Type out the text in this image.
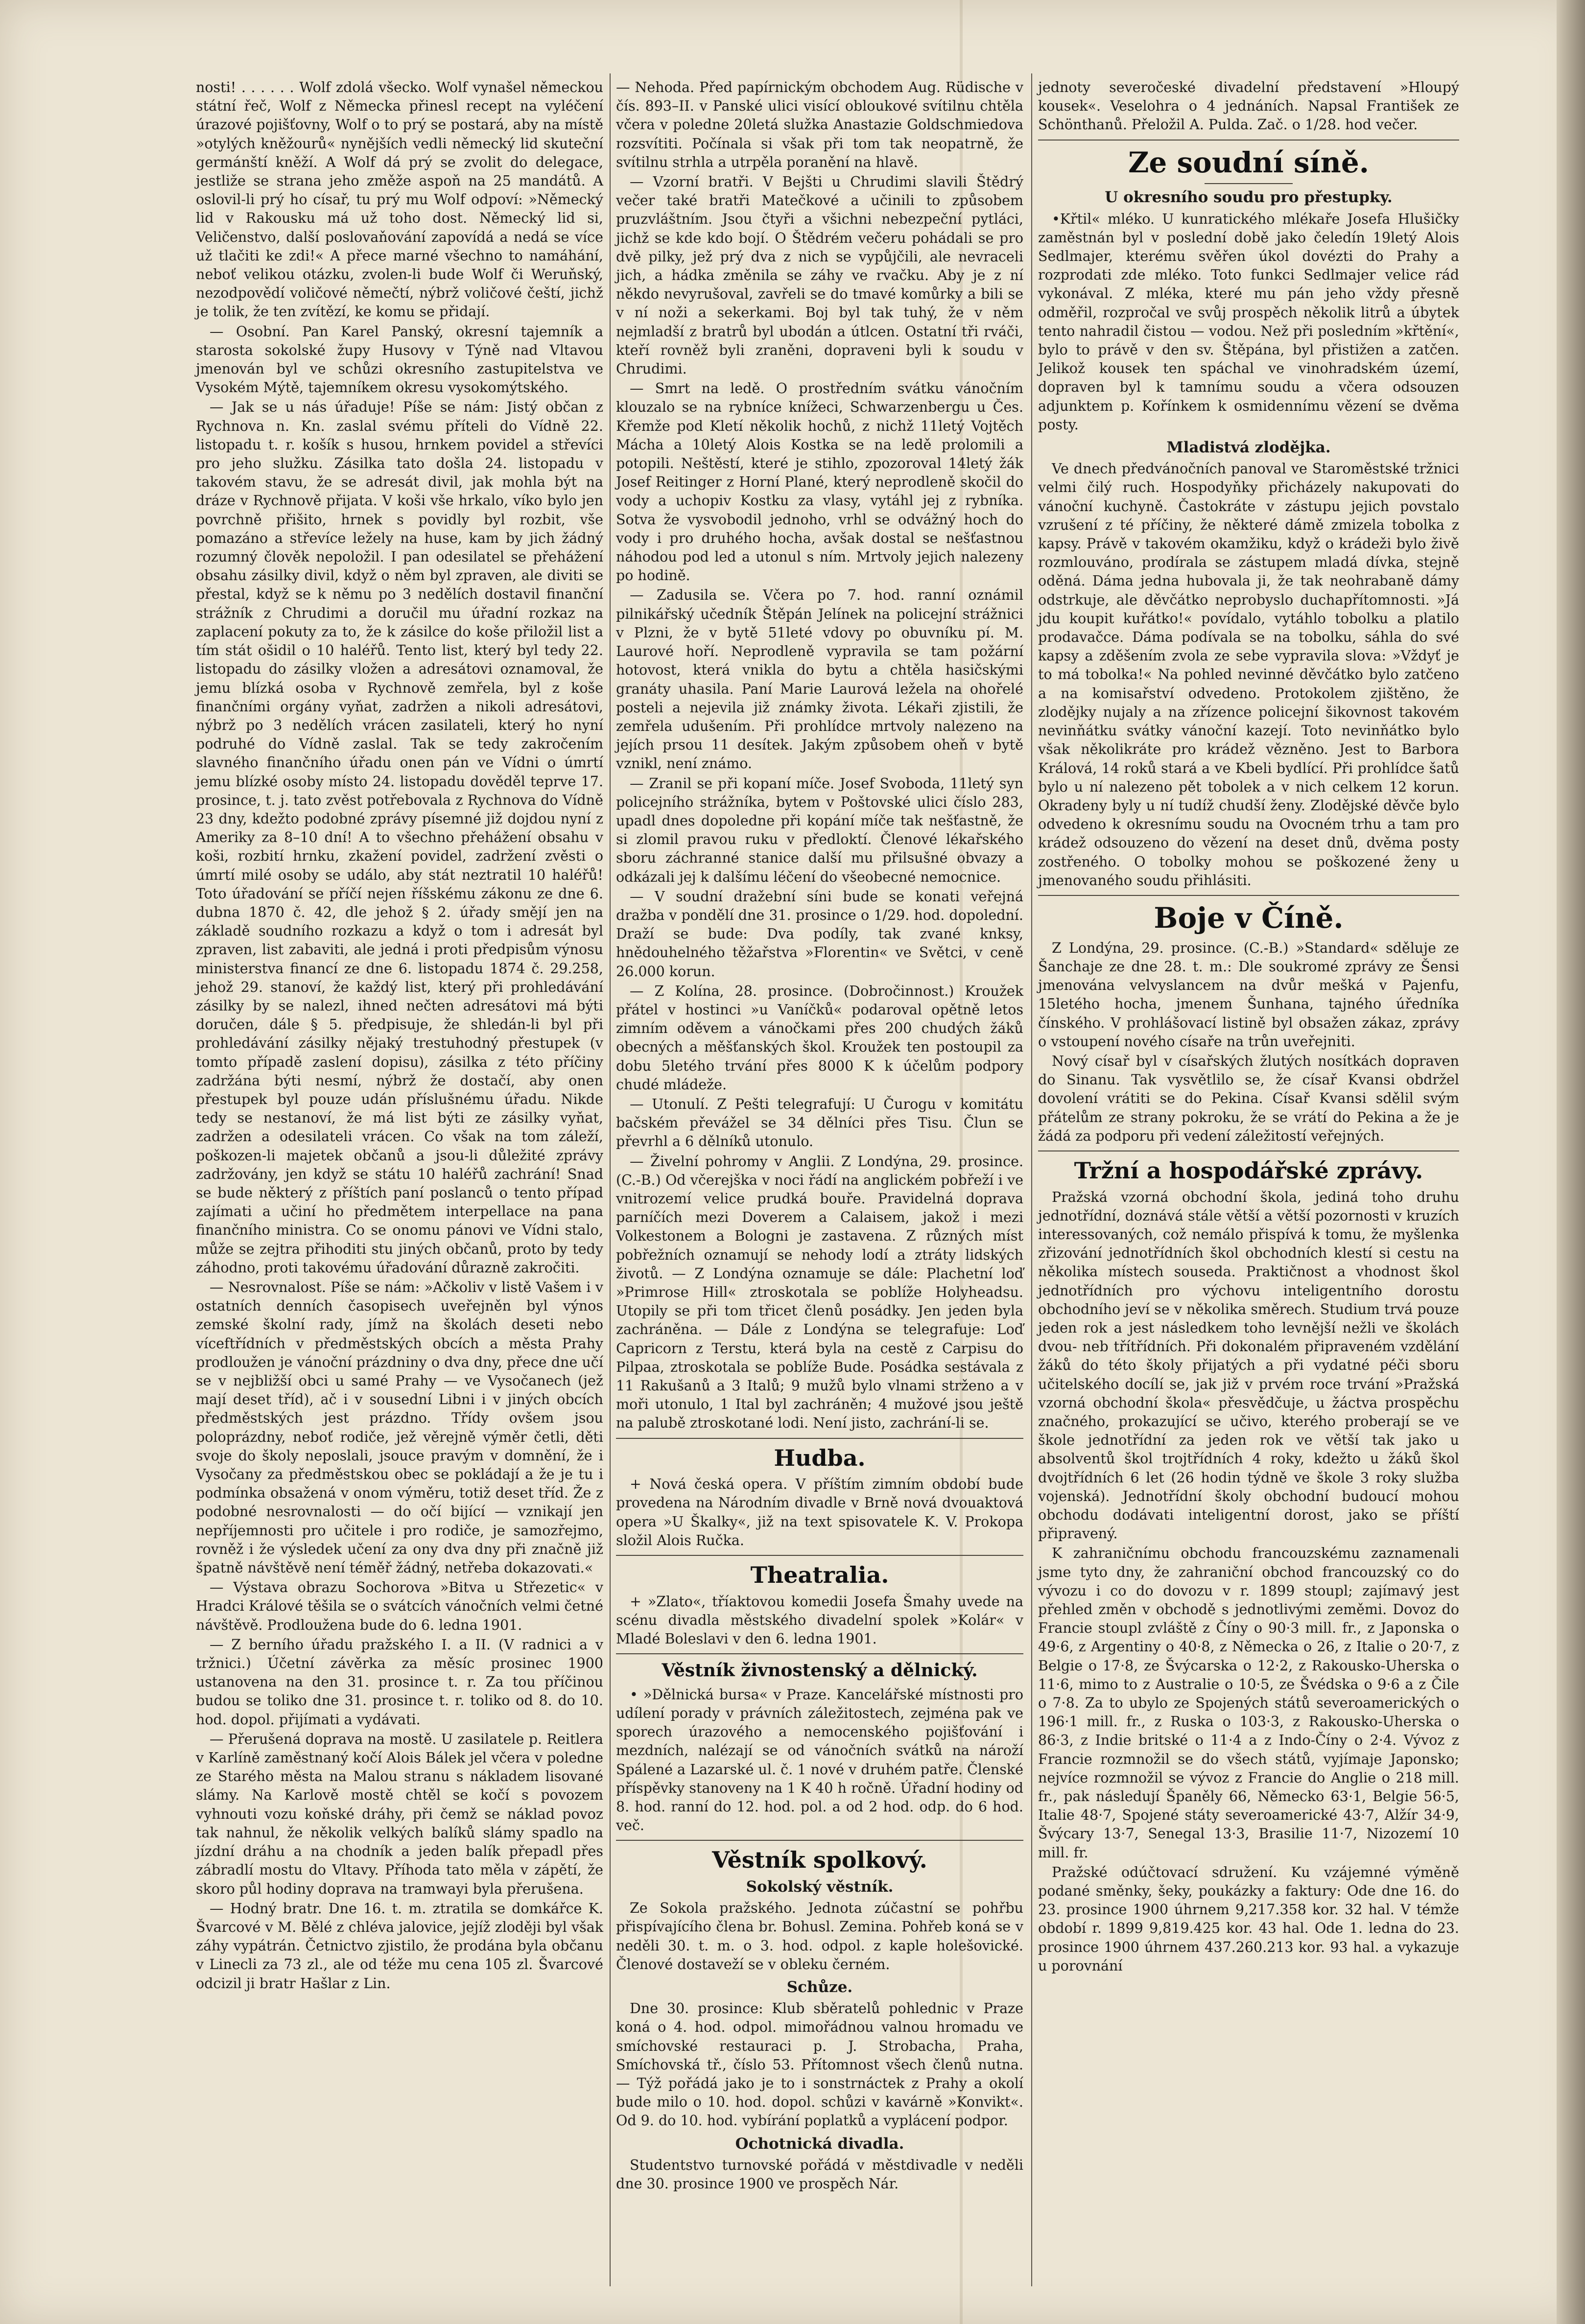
nosti! . . . . . . Wolf zdolá všecko. Wolf vynašel německou státní řeč, Wolf z Německa přinesl recept na vyléčení úrazové pojišťovny, Wolf o to prý se postará, aby na místě »otylých kněžourů« nynějších vedli německý lid skuteční germánští kněží. A Wolf dá prý se zvolit do delegace, jestliže se strana jeho změže aspoň na 25 mandátů. A oslovil-li prý ho císař, tu prý mu Wolf odpoví: »Německý lid v Rakousku má už toho dost. Německý lid si, Veličenstvo, další poslovaňování zapovídá a nedá se více už tlačiti ke zdi!« A přece marné všechno to namáhání, neboť velikou otázku, zvolen-li bude Wolf či Weruňský, nezodpovědí voličové němečtí, nýbrž voličové čeští, jichž je tolik, že ten zvítězí, ke komu se přidají.

— Osobní. Pan Karel Panský, okresní tajemník a starosta sokolské župy Husovy v Týně nad Vltavou jmenován byl ve schůzi okresního zastupitelstva ve Vysokém Mýtě, tajemníkem okresu vysokomýtského.

— Jak se u nás úřaduje! Píše se nám: Jistý občan z Rychnova n. Kn. zaslal svému příteli do Vídně 22. listopadu t. r. košík s husou, hrnkem povidel a střevíci pro jeho služku. Zásilka tato došla 24. listopadu v takovém stavu, že se adresát divil, jak mohla být na dráze v Rychnově přijata. V koši vše hrkalo, víko bylo jen povrchně přišito, hrnek s povidly byl rozbit, vše pomazáno a střevíce ležely na huse, kam by jich žádný rozumný člověk nepoložil. I pan odesilatel se přehážení obsahu zásilky divil, když o něm byl zpraven, ale diviti se přestal, když se k němu po 3 nedělích dostavil finanční strážník z Chrudimi a doručil mu úřadní rozkaz na zaplacení pokuty za to, že k zásilce do koše přiložil list a tím stát ošidil o 10 haléřů. Tento list, který byl tedy 22. listopadu do zásilky vložen a adresátovi oznamoval, že jemu blízká osoba v Rychnově zemřela, byl z koše finančními orgány vyňat, zadržen a nikoli adresátovi, nýbrž po 3 nedělích vrácen zasilateli, který ho nyní podruhé do Vídně zaslal. Tak se tedy zakročením slavného finančního úřadu onen pán ve Vídni o úmrtí jemu blízké osoby místo 24. listopadu dověděl teprve 17. prosince, t. j. tato zvěst potřebovala z Rychnova do Vídně 23 dny, kdežto podobné zprávy písemné již dojdou nyní z Ameriky za 8–10 dní! A to všechno přehážení obsahu v koši, rozbití hrnku, zkažení povidel, zadržení zvěsti o úmrtí milé osoby se událo, aby stát neztratil 10 haléřů! Toto úřadování se příčí nejen říšskému zákonu ze dne 6. dubna 1870 č. 42, dle jehož § 2. úřady smějí jen na základě soudního rozkazu a když o tom i adresát byl zpraven, list zabaviti, ale jedná i proti předpisům výnosu ministerstva financí ze dne 6. listopadu 1874 č. 29.258, jehož 29. stanoví, že každý list, který při prohledávání zásilky by se nalezl, ihned nečten adresátovi má býti doručen, dále § 5. předpisuje, že shledán-li byl při prohledávání zásilky nějaký trestuhodný přestupek (v tomto případě zaslení dopisu), zásilka z této příčiny zadržána býti nesmí, nýbrž že dostačí, aby onen přestupek byl pouze udán příslušnému úřadu. Nikde tedy se nestanoví, že má list býti ze zásilky vyňat, zadržen a odesilateli vrácen. Co však na tom záleží, poškozen-li majetek občanů a jsou-li důležité zprávy zadržovány, jen když se státu 10 haléřů zachrání! Snad se bude některý z příštích paní poslanců o tento případ zajímati a učiní ho předmětem interpellace na pana finančního ministra. Co se onomu pánovi ve Vídni stalo, může se zejtra přihoditi stu jiných občanů, proto by tedy záhodno, proti takovému úřadování důrazně zakročiti.

— Nesrovnalost. Píše se nám: »Ačkoliv v listě Vašem i v ostatních denních časopisech uveřejněn byl výnos zemské školní rady, jímž na školách deseti nebo víceftřídních v předměstských obcích a města Prahy prodloužen je vánoční prázdniny o dva dny, přece dne učí se v nejbližší obci u samé Prahy — ve Vysočanech (jež mají deset tříd), ač i v sousední Libni i v jiných obcích předměstských jest prázdno. Třídy ovšem jsou poloprázdny, neboť rodiče, jež věrejně výměr četli, děti svoje do školy neposlali, jsouce pravým v domnění, že i Vysočany za předměstskou obec se pokládají a že je tu i podmínka obsažená v onom výměru, totiž deset tříd. Že z podobné nesrovnalosti — do očí bijící — vznikají jen nepříjemnosti pro učitele i pro rodiče, je samozřejmo, rovněž i že výsledek učení za ony dva dny při značně již špatně návštěvě není téměř žádný, netřeba dokazovati.«

— Výstava obrazu Sochorova »Bitva u Střezetic« v Hradci Králové těšila se o svátcích vánočních velmi četné návštěvě. Prodloužena bude do 6. ledna 1901.

— Z berního úřadu pražského I. a II. (V radnici a v tržnici.) Účetní závěrka za měsíc prosinec 1900 ustanovena na den 31. prosince t. r. Za tou příčinou budou se toliko dne 31. prosince t. r. toliko od 8. do 10. hod. dopol. přijímati a vydávati.

— Přerušená doprava na mostě. U zasilatele p. Reitlera v Karlíně zaměstnaný kočí Alois Bálek jel včera v poledne ze Starého města na Malou stranu s nákladem lisované slámy. Na Karlově mostě chtěl se kočí s povozem vyhnouti vozu koňské dráhy, při čemž se náklad povoz tak nahnul, že několik velkých balíků slámy spadlo na jízdní dráhu a na chodník a jeden balík přepadl přes zábradlí mostu do Vltavy. Příhoda tato měla v zápětí, že skoro půl hodiny doprava na tramwayi byla přerušena.

— Hodný bratr. Dne 16. t. m. ztratila se domkářce K. Švarcové v M. Bělé z chléva jalovice, jejíž zloději byl však záhy vypátrán. Četnictvo zjistilo, že prodána byla občanu v Linecli za 73 zl., ale od téže mu cena 105 zl. Švarcové odcizil ji bratr Hašlar z Lin.

— Nehoda. Před papírnickým obchodem Aug. Rüdische v čís. 893–II. v Panské ulici visící obloukové svítilnu chtěla včera v poledne 20letá služka Anastazie Goldschmiedova rozsvítiti. Počínala si však při tom tak neopatrně, že svítilnu strhla a utrpěla poranění na hlavě.

— Vzorní bratři. V Bejšti u Chrudimi slavili Štědrý večer také bratři Matečkové a učinili to způsobem pruzvláštním. Jsou čtyři a všichni nebezpeční pytláci, jichž se kde kdo bojí. O Štědrém večeru pohádali se pro dvě pilky, jež prý dva z nich se vypůjčili, ale nevraceli jich, a hádka změnila se záhy ve rvačku. Aby je z ní někdo nevyrušoval, zavřeli se do tmavé komůrky a bili se v ní noži a sekerkami. Boj byl tak tuhý, že v něm nejmladší z bratrů byl ubodán a útlcen. Ostatní tři rváči, kteří rovněž byli zraněni, dopraveni byli k soudu v Chrudimi.

— Smrt na ledě. O prostředním svátku vánočním klouzalo se na rybníce knížeci, Schwarzenbergu u Čes. Křemže pod Kletí několik hochů, z nichž 11letý Vojtěch Mácha a 10letý Alois Kostka se na ledě prolomili a potopili. Neštěstí, které je stihlo, zpozoroval 14letý žák Josef Reitinger z Horní Plané, který neprodleně skočil do vody a uchopiv Kostku za vlasy, vytáhl jej z rybníka. Sotva že vysvobodil jednoho, vrhl se odvážný hoch do vody i pro druhého hocha, avšak dostal se nešťastnou náhodou pod led a utonul s ním. Mrtvoly jejich nalezeny po hodině.

— Zadusila se. Včera po 7. hod. ranní oznámil pilnikářský učedník Štěpán Jelínek na policejní strážnici v Plzni, že v bytě 51leté vdovy po obuvníku pí. M. Laurové hoří. Neprodleně vypravila se tam požární hotovost, která vnikla do bytu a chtěla hasičskými granáty uhasila. Paní Marie Laurová ležela na ohořelé posteli a nejevila již známky života. Lékaři zjistili, že zemřela udušením. Při prohlídce mrtvoly nalezeno na jejích prsou 11 desítek. Jakým způsobem oheň v bytě vznikl, není známo.

— Zranil se při kopaní míče. Josef Svoboda, 11letý syn policejního strážníka, bytem v Poštovské ulici číslo 283, upadl dnes dopoledne při kopání míče tak nešťastně, že si zlomil pravou ruku v předloktí. Členové lékařského sboru záchranné stanice další mu přilsušné obvazy a odkázali jej k dalšímu léčení do všeobecné nemocnice.

— V soudní dražební síni bude se konati veřejná dražba v pondělí dne 31. prosince o 1/29. hod. dopolední. Draží se bude: Dva podíly, tak zvané knksy, hnědouhelného těžařstva »Florentin« ve Světci, v ceně 26.000 korun.

— Z Kolína, 28. prosince. (Dobročinnost.) Kroužek přátel v hostinci »u Vaníčků« podaroval opětně letos zimním oděvem a vánočkami přes 200 chudých žáků obecných a měšťanských škol. Kroužek ten postoupil za dobu 5letého trvání přes 8000 K k účelům podpory chudé mládeže.

— Utonulí. Z Pešti telegrafují: U Čurogu v komitátu bačském převážel se 34 dělníci přes Tisu. Člun se převrhl a 6 dělníků utonulo.

— Živelní pohromy v Anglii. Z Londýna, 29. prosince. (C.-B.) Od včerejška v noci řádí na anglickém pobřeží i ve vnitrozemí velice prudká bouře. Pravidelná doprava parníčích mezi Doverem a Calaisem, jakož i mezi Volkestonem a Bologni je zastavena. Z různých míst pobřežních oznamují se nehody lodí a ztráty lidských životů. — Z Londýna oznamuje se dále: Plachetní loď »Primrose Hill« ztroskotala se poblíže Holyheadsu. Utopily se při tom třicet členů posádky. Jen jeden byla zachráněna. — Dále z Londýna se telegrafuje: Loď Capricorn z Terstu, která byla na cestě z Carpisu do Pilpaa, ztroskotala se poblíže Bude. Posádka sestávala z 11 Rakušanů a 3 Italů; 9 mužů bylo vlnami strženo a v moři utonulo, 1 Ital byl zachráněn; 4 mužové jsou ještě na palubě ztroskotané lodi. Není jisto, zachrání-li se.

Hudba.

+ Nová česká opera. V příštím zimním období bude provedena na Národním divadle v Brně nová dvouaktová opera »U Škalky«, již na text spisovatele K. V. Prokopa složil Alois Ručka.

Theatralia.

+ »Zlato«, tříaktovou komedii Josefa Šmahy uvede na scénu divadla městského divadelní spolek »Kolár« v Mladé Boleslavi v den 6. ledna 1901.

Věstník živnostenský a dělnický.

• »Dělnická bursa« v Praze. Kancelářské místnosti pro udílení porady v právních záležitostech, zejména pak ve sporech úrazového a nemocenského pojišťování i mezdních, nalézají se od vánočních svátků na nároží Spálené a Lazarské ul. č. 1 nové v druhém patře. Členské příspěvky stanoveny na 1 K 40 h ročně. Úřadní hodiny od 8. hod. ranní do 12. hod. pol. a od 2 hod. odp. do 6 hod. več.

Věstník spolkový.
Sokolský věstník.

Ze Sokola pražského. Jednota zúčastní se pohřbu přispívajícího člena br. Bohusl. Zemina. Pohřeb koná se v neděli 30. t. m. o 3. hod. odpol. z kaple holešovické. Členové dostaveží se v obleku černém.

Schůze.

Dne 30. prosince: Klub sběratelů pohlednic v Praze koná o 4. hod. odpol. mimořádnou valnou hromadu ve smíchovské restauraci p. J. Strobacha, Praha, Smíchovská tř., číslo 53. Přítomnost všech členů nutna. — Týž pořádá jako je to i sonstrnáctek z Prahy a okolí bude milo o 10. hod. dopol. schůzi v kavárně »Konvikt«. Od 9. do 10. hod. vybírání poplatků a vyplácení podpor.

Ochotnická divadla.

Studentstvo turnovské pořádá v městdivadle v neděli dne 30. prosince 1900 ve prospěch Nár.

jednoty severočeské divadelní představení »Hloupý kousek«. Veselohra o 4 jednáních. Napsal František ze Schönthanů. Přeložil A. Pulda. Zač. o 1/28. hod večer.

Ze soudní síně.
U okresního soudu pro přestupky.

•Křtil« mléko. U kunratického mlékaře Josefa Hlušičky zaměstnán byl v poslední době jako čeledín 19letý Alois Sedlmajer, kterému svěřen úkol dovézti do Prahy a rozprodati zde mléko. Toto funkci Sedlmajer velice rád vykonával. Z mléka, které mu pán jeho vždy přesně odměřil, rozpročal ve svůj prospěch několik litrů a úbytek tento nahradil čistou — vodou. Než při posledním »křtění«, bylo to právě v den sv. Štěpána, byl přistižen a zatčen. Jelikož kousek ten spáchal ve vinohradském území, dopraven byl k tamnímu soudu a včera odsouzen adjunktem p. Kořínkem k osmidennímu vězení se dvěma posty.

Mladistvá zlodějka.

Ve dnech předvánočních panoval ve Staroměstské tržnici velmi čilý ruch. Hospodyňky přicházely nakupovati do vánoční kuchyně. Častokráte v zástupu jejich povstalo vzrušení z té příčiny, že některé dámě zmizela tobolka z kapsy. Právě v takovém okamžiku, když o krádeži bylo živě rozmlouváno, prodírala se zástupem mladá dívka, stejně oděná. Dáma jedna hubovala ji, že tak neohrabaně dámy odstrkuje, ale děvčátko neprobyslo duchapřítomnosti. »Já jdu koupit kuřátko!« povídalo, vytáhlo tobolku a platilo prodavačce. Dáma podívala se na tobolku, sáhla do své kapsy a zděšením zvola ze sebe vypravila slova: »Vždyť je to má tobolka!« Na pohled nevinné děvčátko bylo zatčeno a na komisařství odvedeno. Protokolem zjištěno, že zlodějky nujaly a na zřízence policejní šikovnost takovém nevinňátku svátky vánoční kazejí. Toto nevinňátko bylo však několikráte pro krádež vězněno. Jest to Barbora Králová, 14 roků stará a ve Kbeli bydlící. Při prohlídce šatů bylo u ní nalezeno pět tobolek a v nich celkem 12 korun. Okradeny byly u ní tudíž chudší ženy. Zlodějské děvče bylo odvedeno k okresnímu soudu na Ovocném trhu a tam pro krádež odsouzeno do vězení na deset dnů, dvěma posty zostřeného. O tobolky mohou se poškozené ženy u jmenovaného soudu přihlásiti.

Boje v Číně.

Z Londýna, 29. prosince. (C.-B.) »Standard« sděluje ze Šanchaje ze dne 28. t. m.: Dle soukromé zprávy ze Šensi jmenována velvyslancem na dvůr mešká v Pajenfu, 15letého hocha, jmenem Šunhana, tajného úředníka čínského. V prohlášovací listině byl obsažen zákaz, zprávy o vstoupení nového císaře na trůn uveřejniti.

Nový císař byl v císařských žlutých nosítkách dopraven do Sinanu. Tak vysvětlilo se, že císař Kvansi obdržel dovolení vrátiti se do Pekina. Císař Kvansi sdělil svým přátelům ze strany pokroku, že se vrátí do Pekina a že je žádá za podporu při vedení záležitostí veřejných.

Tržní a hospodářské zprávy.

Pražská vzorná obchodní škola, jediná toho druhu jednotřídní, doznává stále větší a větší pozornosti v kruzích interessovaných, což nemálo přispívá k tomu, že myšlenka zřizování jednotřídních škol obchodních klestí si cestu na několika místech souseda. Praktičnost a vhodnost škol jednotřídních pro výchovu inteligentního dorostu obchodního jeví se v několika směrech. Studium trvá pouze jeden rok a jest následkem toho levnější nežli ve školách dvou- neb třítřídních. Při dokonalém připraveném vzdělání žáků do této školy přijatých a při vydatné péči sboru učitelského docílí se, jak již v prvém roce trvání »Pražská vzorná obchodní škola« přesvědčuje, u žáctva prospěchu značného, prokazující se učivo, kterého proberají se ve škole jednotřídní za jeden rok ve větší tak jako u absolventů škol trojtřídních 4 roky, kdežto u žáků škol dvojtřídních 6 let (26 hodin týdně ve škole 3 roky služba vojenská). Jednotřídní školy obchodní budoucí mohou obchodu dodávati inteligentní dorost, jako se příští připravený.

K zahraničnímu obchodu francouzskému zaznamenali jsme tyto dny, že zahraniční obchod francouzský co do vývozu i co do dovozu v r. 1899 stoupl; zajímavý jest přehled změn v obchodě s jednotlivými zeměmi. Dovoz do Francie stoupl zvláště z Číny o 90·3 mill. fr., z Japonska o 49·6, z Argentiny o 40·8, z Německa o 26, z Italie o 20·7, z Belgie o 17·8, ze Švýcarska o 12·2, z Rakousko-Uherska o 11·6, mimo to z Australie o 10·5, ze Švédska o 9·6 a z Čile o 7·8. Za to ubylo ze Spojených států severoamerických o 196·1 mill. fr., z Ruska o 103·3, z Rakousko-Uherska o 86·3, z Indie britské o 11·4 a z Indo-Číny o 2·4. Vývoz z Francie rozmnožil se do všech států, vyjímaje Japonsko; nejvíce rozmnožil se vývoz z Francie do Anglie o 218 mill. fr., pak následují Španěly 66, Německo 63·1, Belgie 56·5, Italie 48·7, Spojené státy severoamerické 43·7, Alžír 34·9, Švýcary 13·7, Senegal 13·3, Brasilie 11·7, Nizozemí 10 mill. fr.

Pražské odúčtovací sdružení. Ku vzájemné výměně podané směnky, šeky, poukázky a faktury: Ode dne 16. do 23. prosince 1900 úhrnem 9,217.358 kor. 32 hal. V témže období r. 1899 9,819.425 kor. 43 hal. Ode 1. ledna do 23. prosince 1900 úhrnem 437.260.213 kor. 93 hal. a vykazuje u porovnání
